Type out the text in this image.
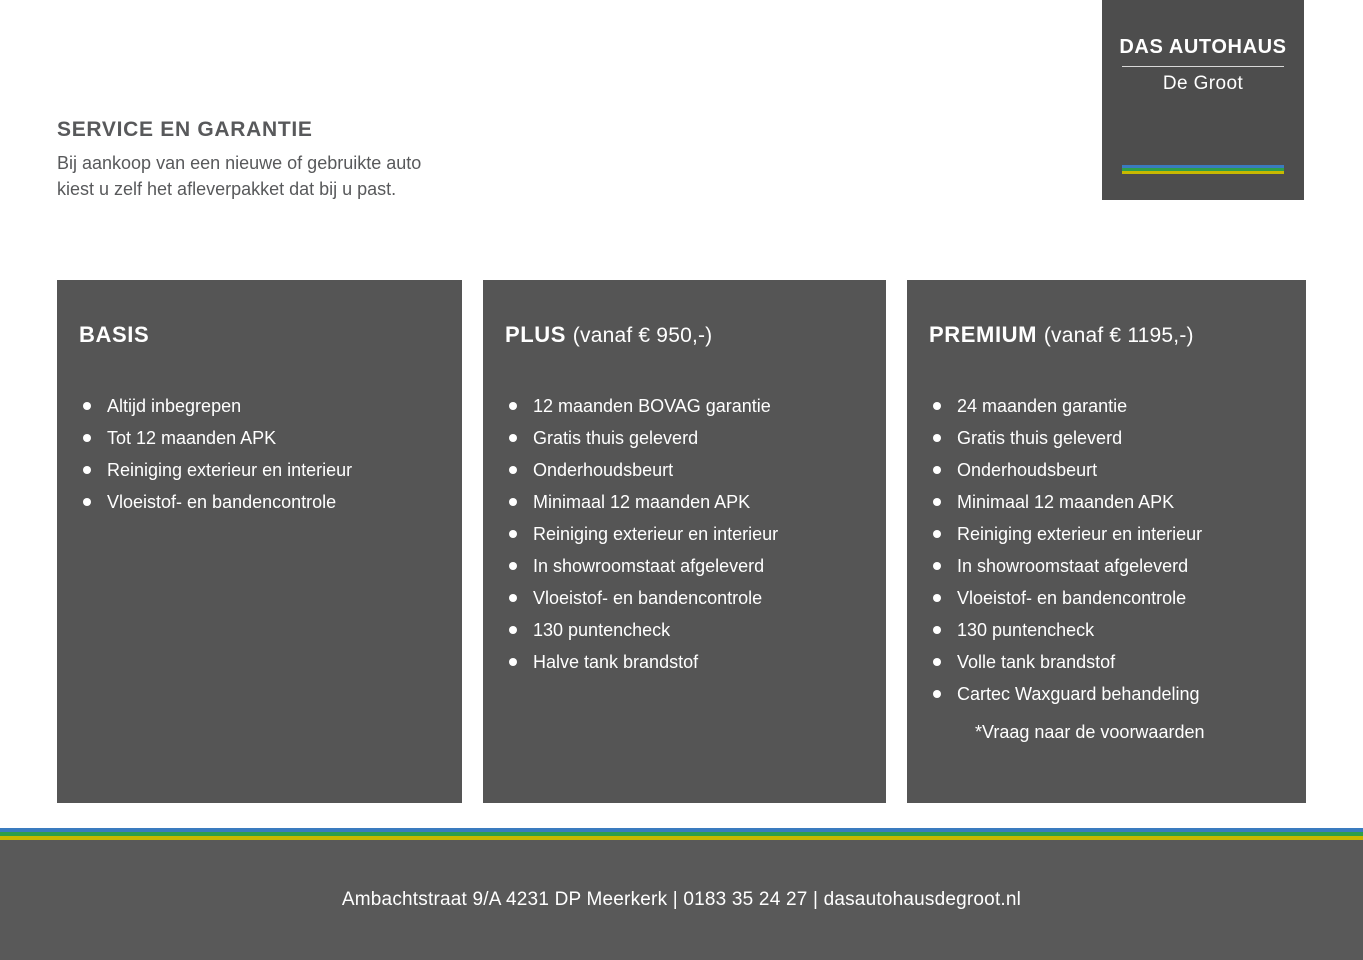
DAS AUTOHAUS
De Groot
SERVICE EN GARANTIE

Bij aankoop van een nieuwe of gebruikte auto
kiest u zelf het afleverpakket dat bij u past.

BASIS
Altijd inbegrepen
Tot 12 maanden APK
Reiniging exterieur en interieur
Vloeistof- en bandencontrole
PLUS (vanaf € 950,-)
12 maanden BOVAG garantie
Gratis thuis geleverd
Onderhoudsbeurt
Minimaal 12 maanden APK
Reiniging exterieur en interieur
In showroomstaat afgeleverd
Vloeistof- en bandencontrole
130 puntencheck
Halve tank brandstof
PREMIUM (vanaf € 1195,-)
24 maanden garantie
Gratis thuis geleverd
Onderhoudsbeurt
Minimaal 12 maanden APK
Reiniging exterieur en interieur
In showroomstaat afgeleverd
Vloeistof- en bandencontrole
130 puntencheck
Volle tank brandstof
Cartec Waxguard behandeling
*Vraag naar de voorwaarden
Ambachtstraat 9/A 4231 DP Meerkerk | 0183 35 24 27 | dasautohausdegroot.nl
